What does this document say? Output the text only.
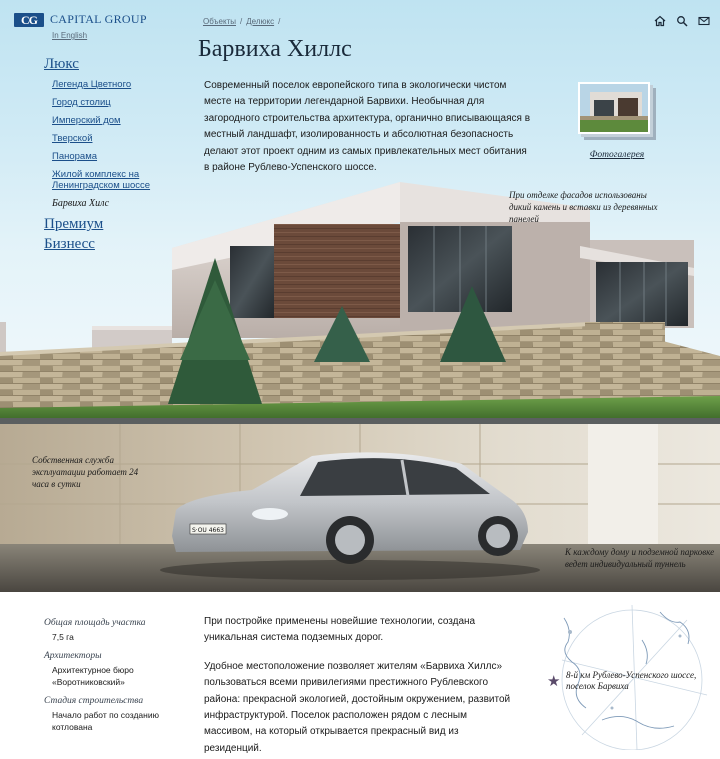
CG CAPITAL GROUP
In English
Объекты / Делюкс /
Люкс
Легенда Цветного
Город столиц
Имперский дом
Тверской
Панорама
Жилой комплекс на Ленинградском шоссе
Барвиха Хилс
Премиум
Бизнесс
Барвиха Хиллс

Современный поселок европейского типа в экологически чистом месте на территории легендарной Барвихи. Необычная для загородного строительства архитектура, органично вписывающаяся в местный ландшафт, изолированность и абсолютная безопасность делают этот проект одним из самых привлекательных мест обитания в районе Рублево-Успенского шоссе.

Фотогалерея

При отделке фасадов использованы дикий камень и вставки из деревянных панелей

S·OU 4663

Собственная служба эксплуатации работает 24 часа в сутки

К каждому дому и подземной парковке ведет индивидуальный туннель

Общая площадь участка
7,5 га
Архитекторы
Архитектурное бюро «Воротниковский»
Стадия строительства
Начало работ по созданию котлована

При постройке применены новейшие технологии, создана уникальная система подземных дорог.

Удобное местоположение позволяет жителям «Барвиха Хиллс» пользоваться всеми привилегиями престижного Рублевского района: прекрасной экологией, достойным окружением, развитой инфраструктурой. Поселок расположен рядом с лесным массивом, на который открывается прекрасный вид из резиденций.

★ 8-й км Рублево-Успенского шоссе, поселок Барвиха
